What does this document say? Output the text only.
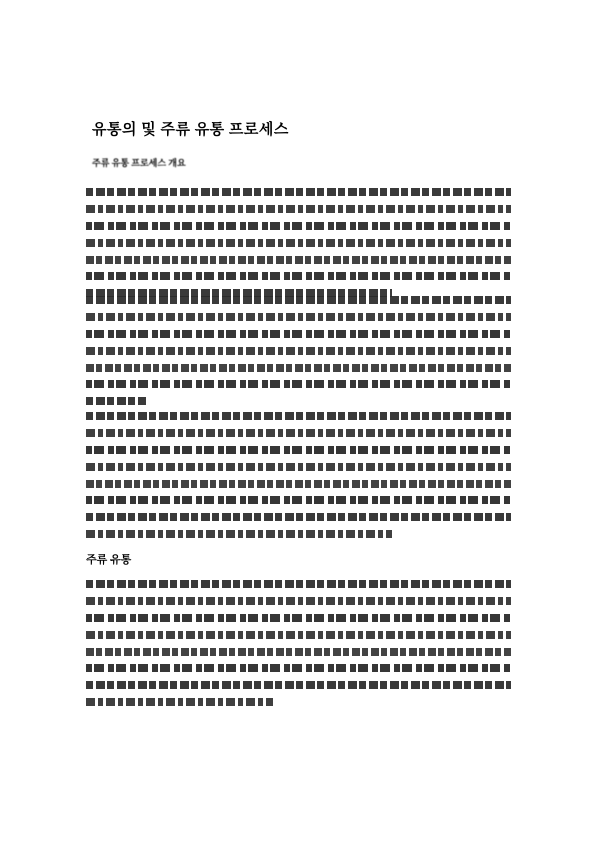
유통의 및 주류 유통 프로세스
주류 유통 프로세스 개요
주류 유통
